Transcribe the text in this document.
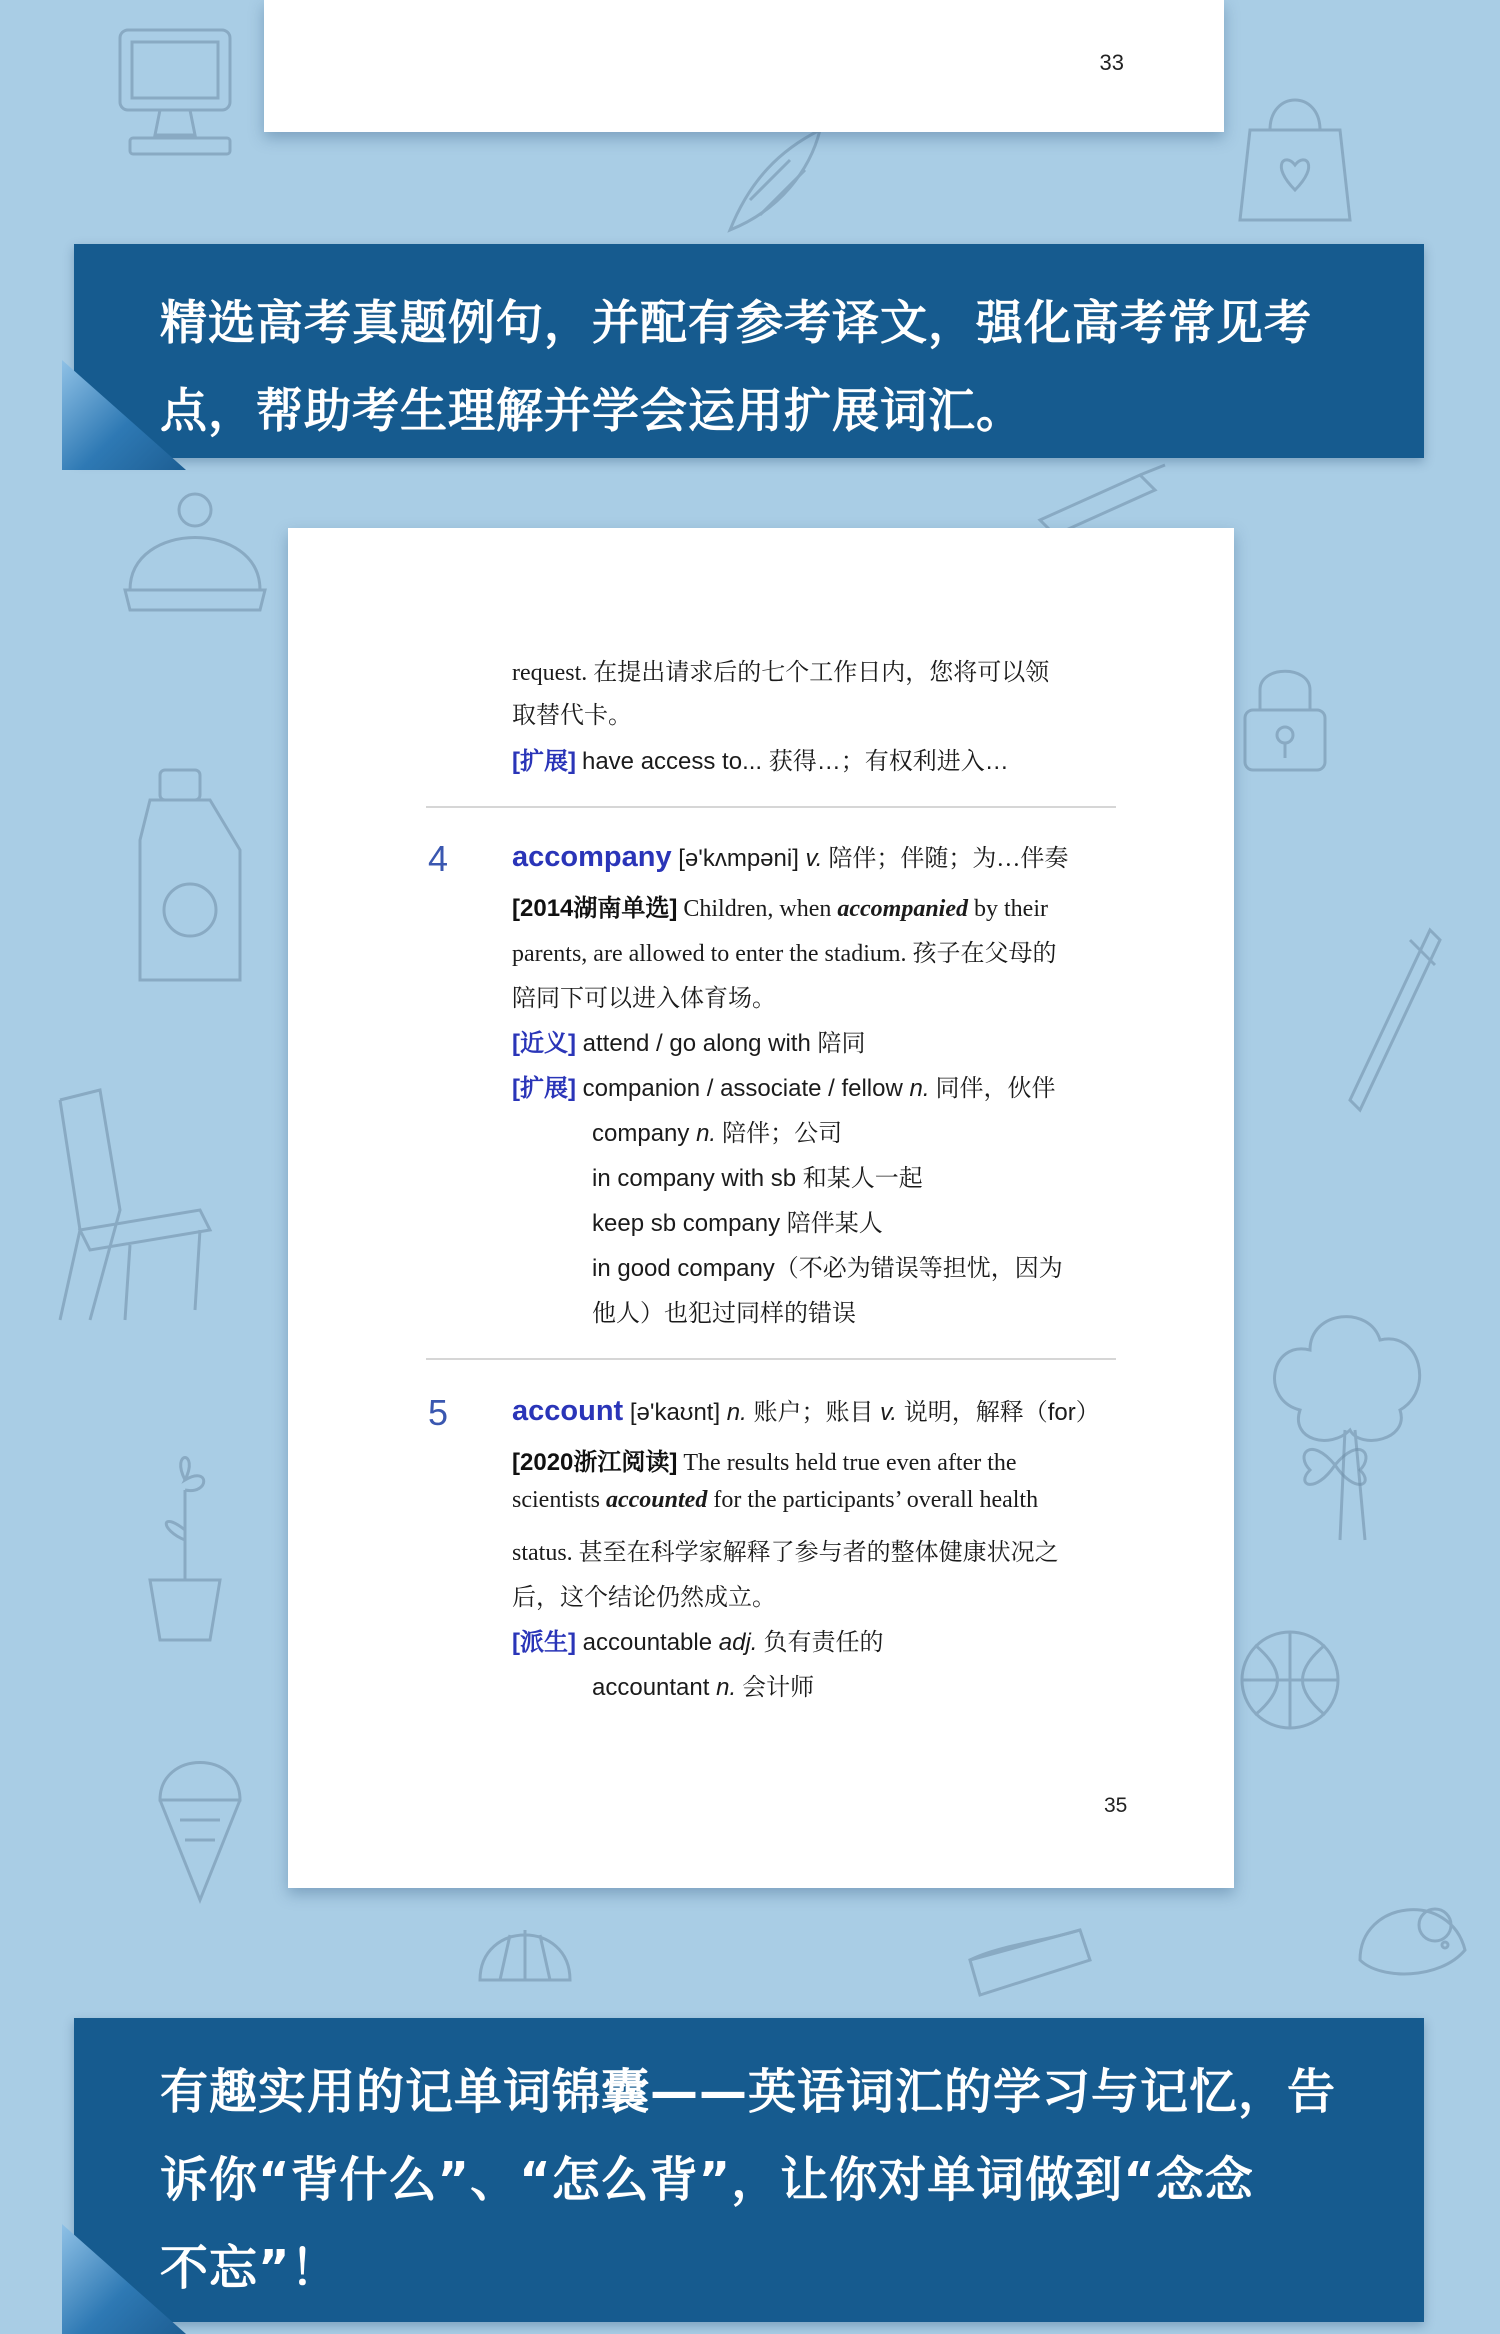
33
精选高考真题例句，并配有参考译文，强化高考常见考
点，帮助考生理解并学会运用扩展词汇。
request. 在提出请求后的七个工作日内，您将可以领
取替代卡。
[扩展] have access to... 获得…；有权利进入…
4 accompany [ə'kʌmpəni] v. 陪伴；伴随；为…伴奏
[2014湖南单选] Children, when accompanied by their
parents, are allowed to enter the stadium. 孩子在父母的
陪同下可以进入体育场。
[近义] attend / go along with 陪同
[扩展] companion / associate / fellow n. 同伴，伙伴
company n. 陪伴；公司
in company with sb 和某人一起
keep sb company 陪伴某人
in good company（不必为错误等担忧，因为
他人）也犯过同样的错误
5 account [ə'kaʊnt] n. 账户；账目 v. 说明，解释（for）
[2020浙江阅读] The results held true even after the
scientists accounted for the participants’ overall health
status. 甚至在科学家解释了参与者的整体健康状况之
后，这个结论仍然成立。
[派生] accountable adj. 负有责任的
accountant n. 会计师
35
有趣实用的记单词锦囊——英语词汇的学习与记忆，告
诉你“背什么”、“怎么背”，让你对单词做到“念念
不忘”！
